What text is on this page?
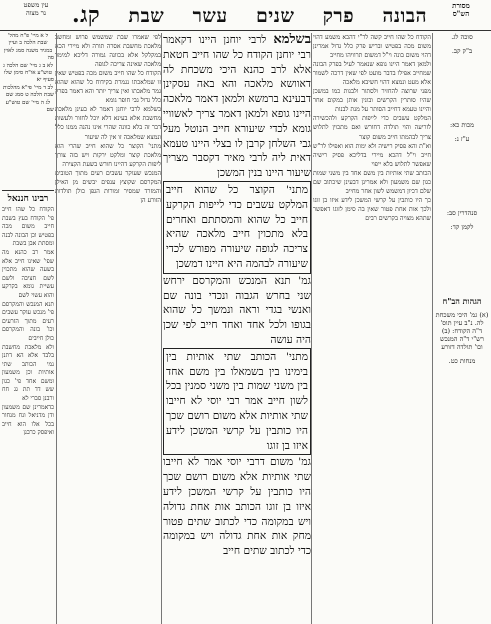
עין משפט
נר מצוה	הבונה
פרק
שנים
עשר
שבת
קג.	מסורת
הש"ס
סוכה לג.
ב"ק קב.
מכות כא:
ע"ז נ:
סנהדרין סב:
לקמן קד:
הגהות הב"ח
(א) גמ' היכי משכחת לה. נ"ב עיין תוס' ד"ה הקודח: (ב) רש"י ד"ה המנכש וכו' תולדה דזורע
מנחות כט.

הקודח כל שהו חייב קשה לר"י דהכא משמע דהוי משום מכה בפטיש ובריש פרק כלל גדול אמרינן דהוי משום בונה וי"ל דמשום תרוויהו מחייב

ולמאן דאמר היינו גופא שנאמר לעיל בפרק הבונה שמחייב אפילו בדבר מועט לפי שאין דרכה לשמור אלא מעט ונמצא דהוי חשיבא מלאכה

מפני שרוצה להחזיר ולסתור ולבנות כמו במשכן שהיו סותרין הקרשים ובונין אותן במקום אחר והיינו טעמא דחייב הסותר על מנת לבנות

המלקט עשבים כדי לייפות הקרקע ולהכשירה לזריעה והוי תולדה דחורש ואם מתכוין לתלוש צריך לבהמתו חייב משום קוצר

וא"ת והא פסיק רישיה ולא ימות הוא ואפילו לר"ש חייב וי"ל דהכא מיירי בדליכא פסיק רישיה שאפשר לתלוש בלא ייפוי

הכותב שתי אותיות בין משם אחד בין משני שמות כגון שם משמעון ולא אמרינן דבעינן שיכתוב שם שלם דכיון דמשמש לשון אחר מחייב

כך היו כותבין על קרשי המשכן לידע איזו בן זוגו ולכך אות אחת פטור שאין בה סימן לזוגו דאפשר שתהא מצויה בקרשים רבים

בשלמא לרבי יוחנן היינו דקאמר רבי יוחנן הקודח כל שהו חייב חטאת אלא לרב כהנא היכי משכחת לה דאוושא מלאכה והא באה עסקינן דבעינא ברמשא ולמאן דאמר מלאכה היינו גופא ולמאן דאמר צריך לאשוויי גומא לכדי שיעורא חייב הנוטל מעל גבי השלחן קרבן לו בצלי היינו טעמא דאית ליה לרבי מאיר דקסבר מצריך שיעור היינו בנין המשכן

מתני' הקוצר כל שהוא חייב המלקט עשבים כדי לייפות הקרקע חייב כל שהוא והמסתתם ואחרים בלא מתכוין חייב מלאכה שהיא צריכה לגופה שיעורה מפורש לכדי שיעורה לבהמה היא היינו דמשכן

גמ' תנא המנכש והמקרסם ירחש שני בחרש הגבוה ונכדי בונה שם ואנשי בגדי וראה ונמשך כל שהוא בגופו ולכל אחד ואחד חייב לפי שכן היה עושה

מתני' הכותב שתי אותיות בין בימינו בין בשמאלו בין משם אחד בין משני שמות בין משני סמנין בכל לשון חייב אמר רבי יוסי לא חייבו שתי אותיות אלא משום רושם שכך היו כותבין על קרשי המשכן לידע איזו בן זוגו

גמ' משום דרבי יוסי אמר לא חייבו שתי אותיות אלא משום רושם שכך היו כותבין על קרשי המשכן לידע איזו בן זוגו הכותב אות אחת גדולה ויש במקומה כדי לכתוב שתים פטור מחק אות אחת גדולה ויש במקומה כדי לכתוב שתים חייב

לפי שאמרו שבת שמשמש פרוש ומחשב מלאכת מחשבת אסרה תורה ולא מיירי הכא במקלקל אלא בכוונה גמורה דליכא למימר מלאכה שאינה צריכה לגופה

הקודח כל שהו חייב משום מכה בפטיש שאין זו שמלאכתו נגמרת בקידוח כל שהוא שהוא גמר מלאכתו ואין צריך יותר והא דאמר בפרק כלל גדול גבי חופר גומא

בשלמא לרבי יוחנן דאמר לא בעינן מלאכת מחשבת אלא בעינא דלא יוכל לחזור ולעשות דבר זה בלא כוונה שהרי אינו נהנה ממנו כלל ונמצא שמלאכה זו אין לה שיעור

מתני' הקוצר כל שהוא חייב שהרי הוא מלאכת קוצר ומלקט ירקות ויש בזה צורך ליפות הקרקע דהיינו חורש בשעת הקצירה

המנכש שעוקר עשבים רעים מתוך הטובים המקרסם שקוצץ ענפים יבשים מן האילן והמזרד שמסיר זמורות הגפן כולן תולדות הזורע הן

ל א מיי' פ"ח מהל' שבת הלכה ב ועיין במגיד משנה סמג לאוין סה

לא ב ג מיי' שם הלכה ג טוש"ע או"ח סימן שלו סעיף יא

לב ד מיי' פי"א מהלכות שבת הלכה ט סמג שם

לג ה מיי' שם טוש"ע שם

רבינו חננאל

הקודח כל שהו חייב פי' הקודח בעץ בשבת חייב משום מכה בפטיש וכן הבונה לבנה ומסתת אבן בשבת

אמר רב כהנא מה שפי' שאינו חייב אלא בשעה שהוא מתכוין לשם חציבה ולשם עשיית גומא בקרקע והוא עשוי לשם

תנא המנכש והמקרסם פי' מנכש עוקר עשבים רעים מתוך הזרעים וכו' בונה והמקרסם כולן חייבים

ולא מלאכת מחשבת בלבד אלא הא דתנן נמי הכותב שתי אותיות וכן משמעון ומשם אחד פי' כגון שש דד תת גג חח ורבנן סברי לא

כדאמרינן שם משמעון ודן מדניאל ונח מנחור בכל אלו הוא חייב ואיפסק כרבנן
